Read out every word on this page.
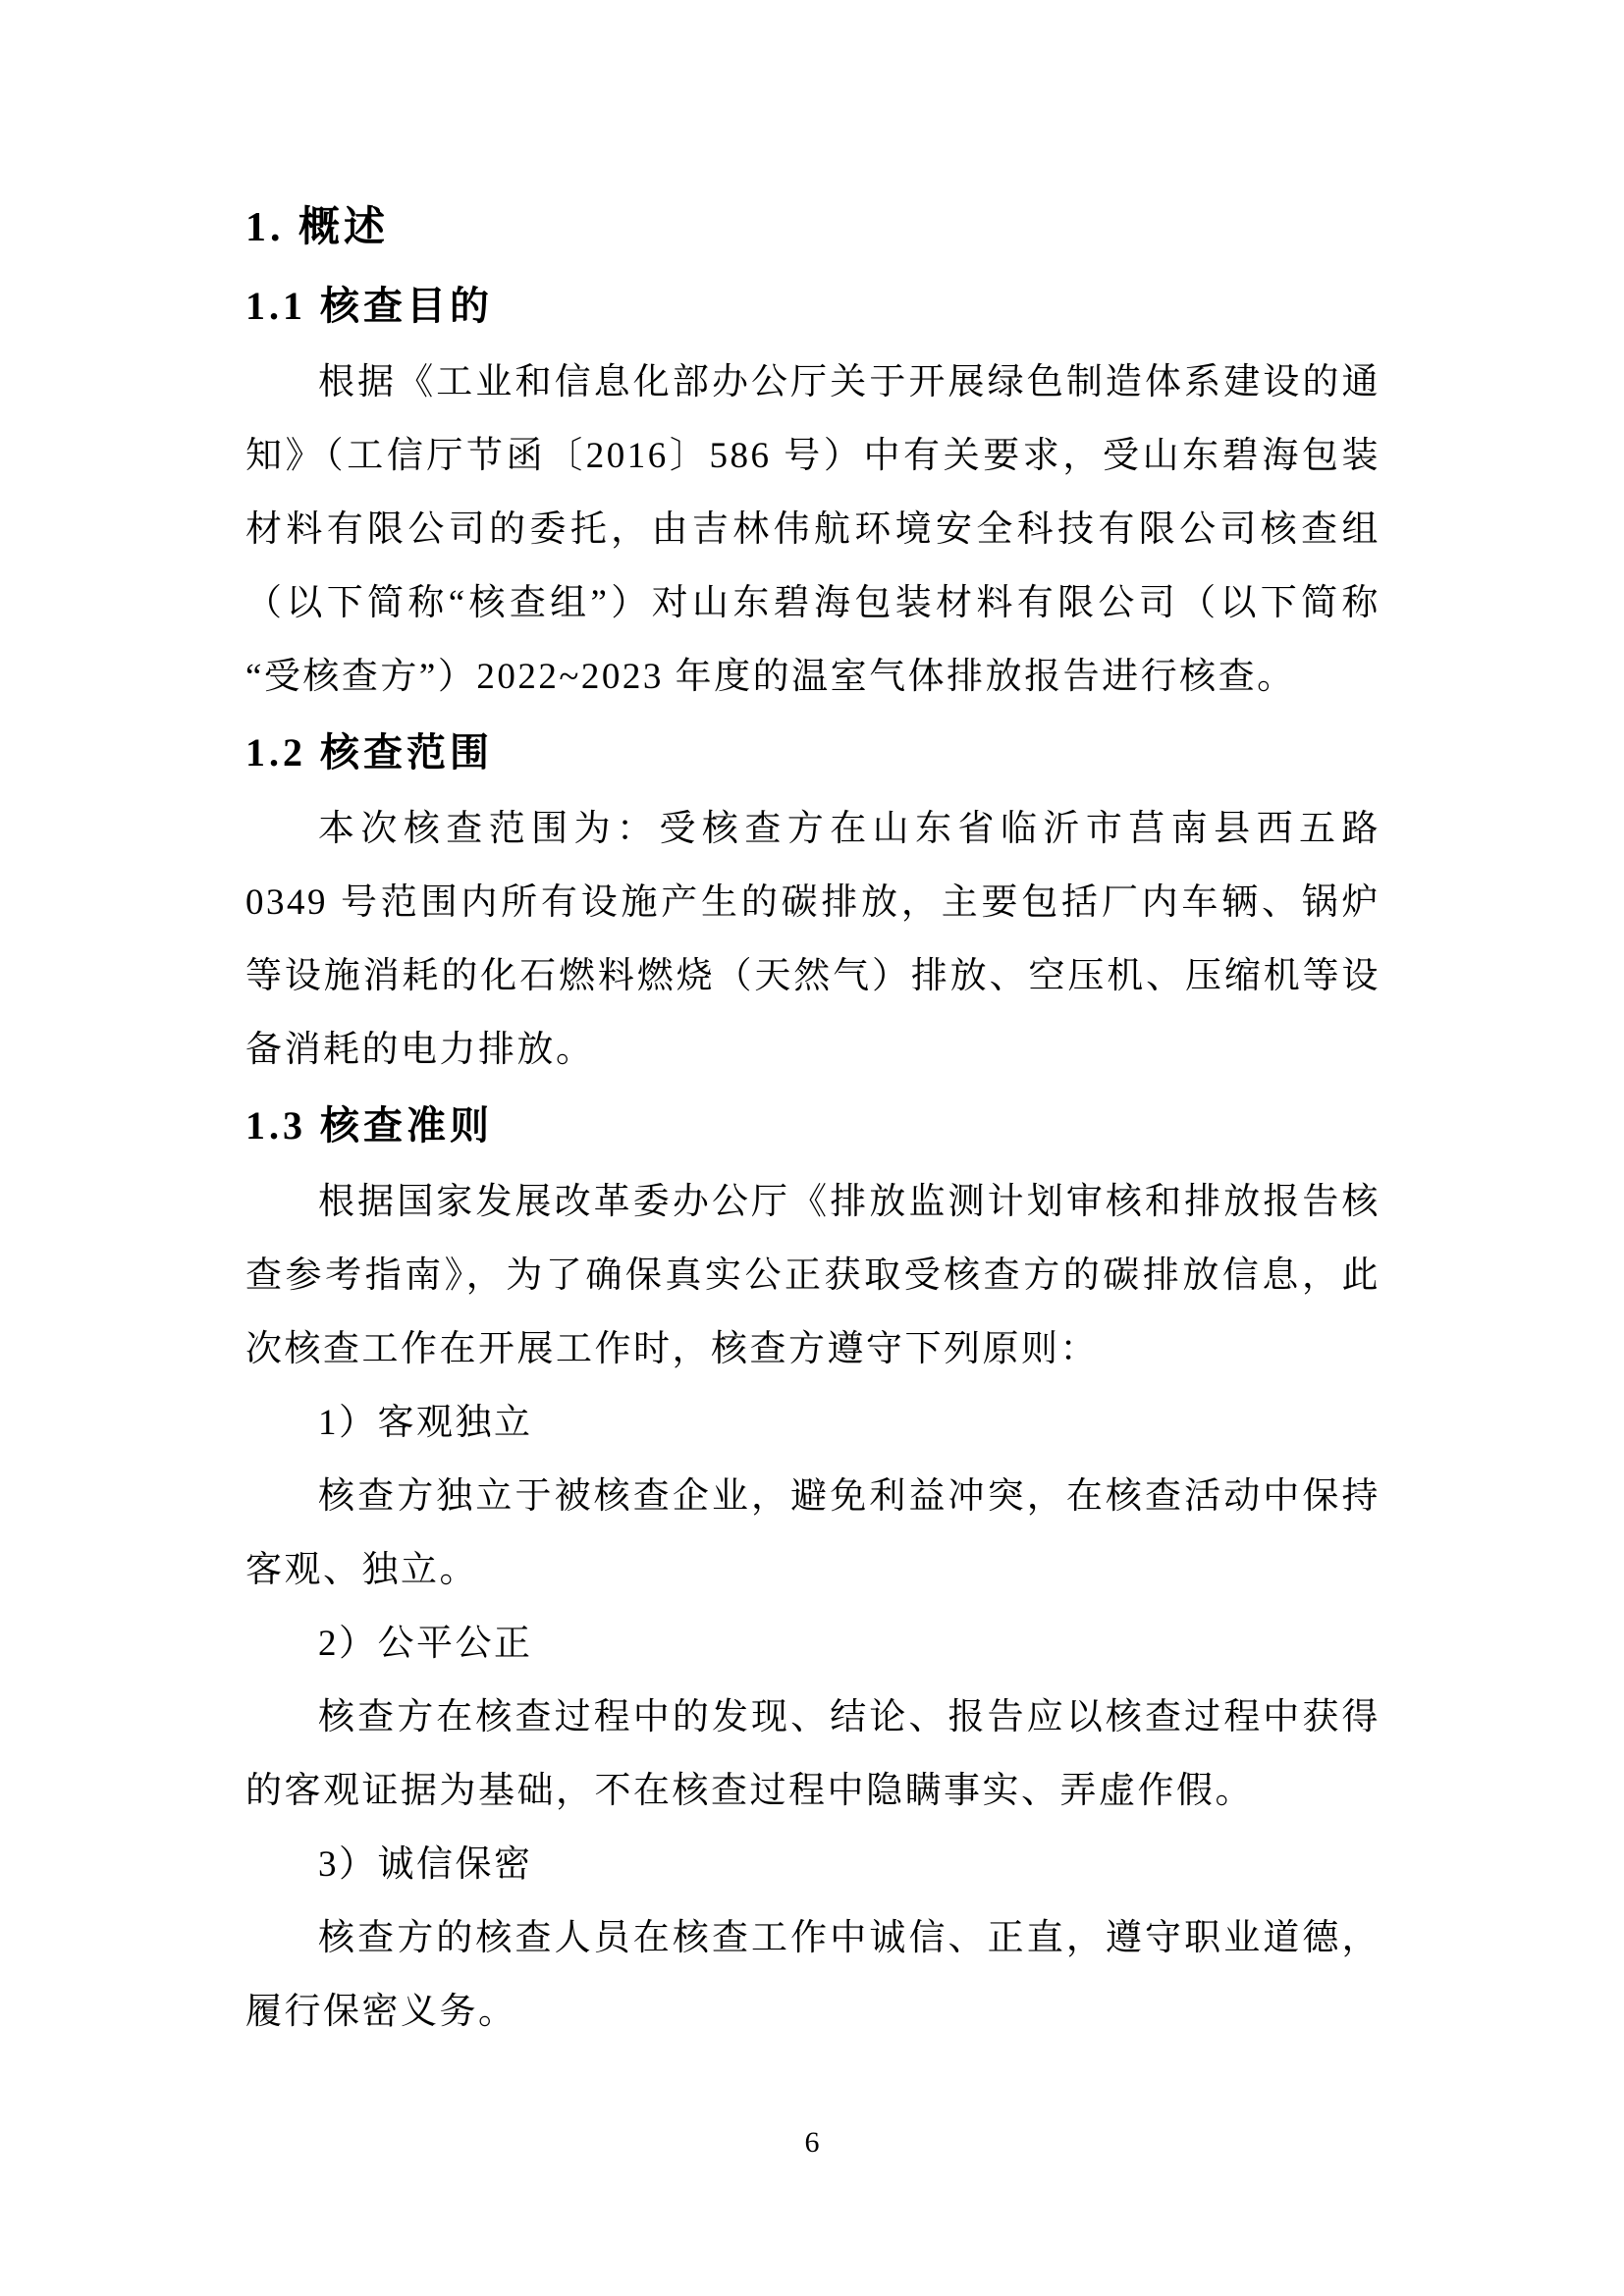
1. 概述
1.1 核查目的

根据《工业和信息化部办公厅关于开展绿色制造体系建设的通知》（工信厅节函〔2016〕586 号）中有关要求，受山东碧海包装材料有限公司的委托，由吉林伟航环境安全科技有限公司核查组（以下简称“核查组”）对山东碧海包装材料有限公司（以下简称“受核查方”）2022~2023 年度的温室气体排放报告进行核查。

1.2 核查范围

本次核查范围为：受核查方在山东省临沂市莒南县西五路 0349 号范围内所有设施产生的碳排放，主要包括厂内车辆、锅炉等设施消耗的化石燃料燃烧（天然气）排放、空压机、压缩机等设备消耗的电力排放。

1.3 核查准则

根据国家发展改革委办公厅《排放监测计划审核和排放报告核查参考指南》，为了确保真实公正获取受核查方的碳排放信息，此次核查工作在开展工作时，核查方遵守下列原则：

1）客观独立

核查方独立于被核查企业，避免利益冲突，在核查活动中保持客观、独立。

2）公平公正

核查方在核查过程中的发现、结论、报告应以核查过程中获得的客观证据为基础，不在核查过程中隐瞒事实、弄虚作假。

3）诚信保密

核查方的核查人员在核查工作中诚信、正直，遵守职业道德，履行保密义务。

6
